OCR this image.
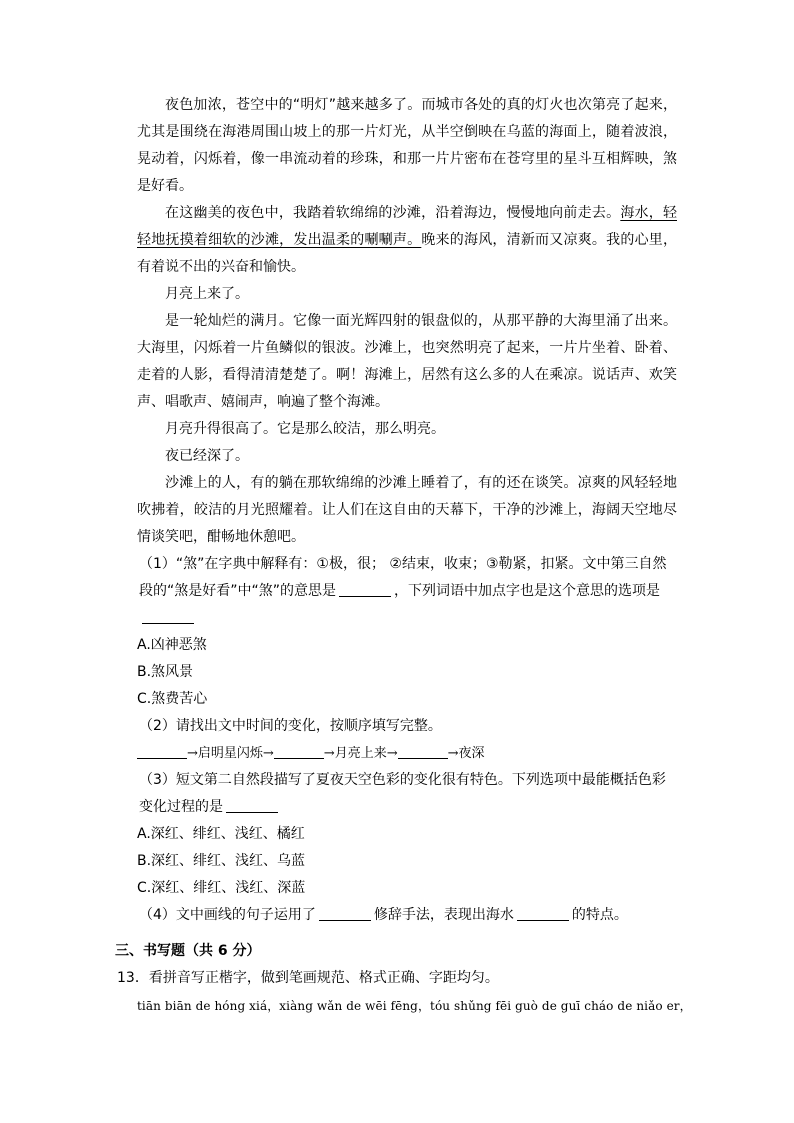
夜色加浓，苍空中的“明灯”越来越多了。而城市各处的真的灯火也次第亮了起来，尤其是围绕在海港周围山坡上的那一片灯光，从半空倒映在乌蓝的海面上，随着波浪，晃动着，闪烁着，像一串流动着的珍珠，和那一片片密布在苍穹里的星斗互相辉映，煞是好看。

在这幽美的夜色中，我踏着软绵绵的沙滩，沿着海边，慢慢地向前走去。海水，轻轻地抚摸着细软的沙滩，发出温柔的唰唰声。晚来的海风，清新而又凉爽。我的心里，有着说不出的兴奋和愉快。

月亮上来了。

是一轮灿烂的满月。它像一面光辉四射的银盘似的，从那平静的大海里涌了出来。大海里，闪烁着一片鱼鳞似的银波。沙滩上，也突然明亮了起来，一片片坐着、卧着、走着的人影，看得清清楚楚了。啊！海滩上，居然有这么多的人在乘凉。说话声、欢笑声、唱歌声、嬉闹声，响遍了整个海滩。

月亮升得很高了。它是那么皎洁，那么明亮。

夜已经深了。

沙滩上的人，有的躺在那软绵绵的沙滩上睡着了，有的还在谈笑。凉爽的风轻轻地吹拂着，皎洁的月光照耀着。让人们在这自由的天幕下，干净的沙滩上，海阔天空地尽情谈笑吧，酣畅地休憩吧。

（1）“煞”在字典中解释有：①极，很； ②结束，收束；③勒紧，扣紧。文中第三自然段的“煞是好看”中“煞”的意思是	，下列词语中加点字也是这个意思的选项是

A.凶神恶煞

B.煞风景

C.煞费苦心

（2）请找出文中时间的变化，按顺序填写完整。

→启明星闪烁→	→月亮上来→	→夜深

（3）短文第二自然段描写了夏夜天空色彩的变化很有特色。下列选项中最能概括色彩变化过程的是

A.深红、绯红、浅红、橘红

B.深红、绯红、浅红、乌蓝

C.深红、绯红、浅红、深蓝

（4）文中画线的句子运用了	修辞手法，表现出海水	的特点。

三、书写题（共 6 分）

13．看拼音写正楷字，做到笔画规范、格式正确、字距均匀。

tiān biān de hóng xiá，xiàng wǎn de wēi fēng，tóu shǔng fēi guò de guī cháo de niǎo er，
